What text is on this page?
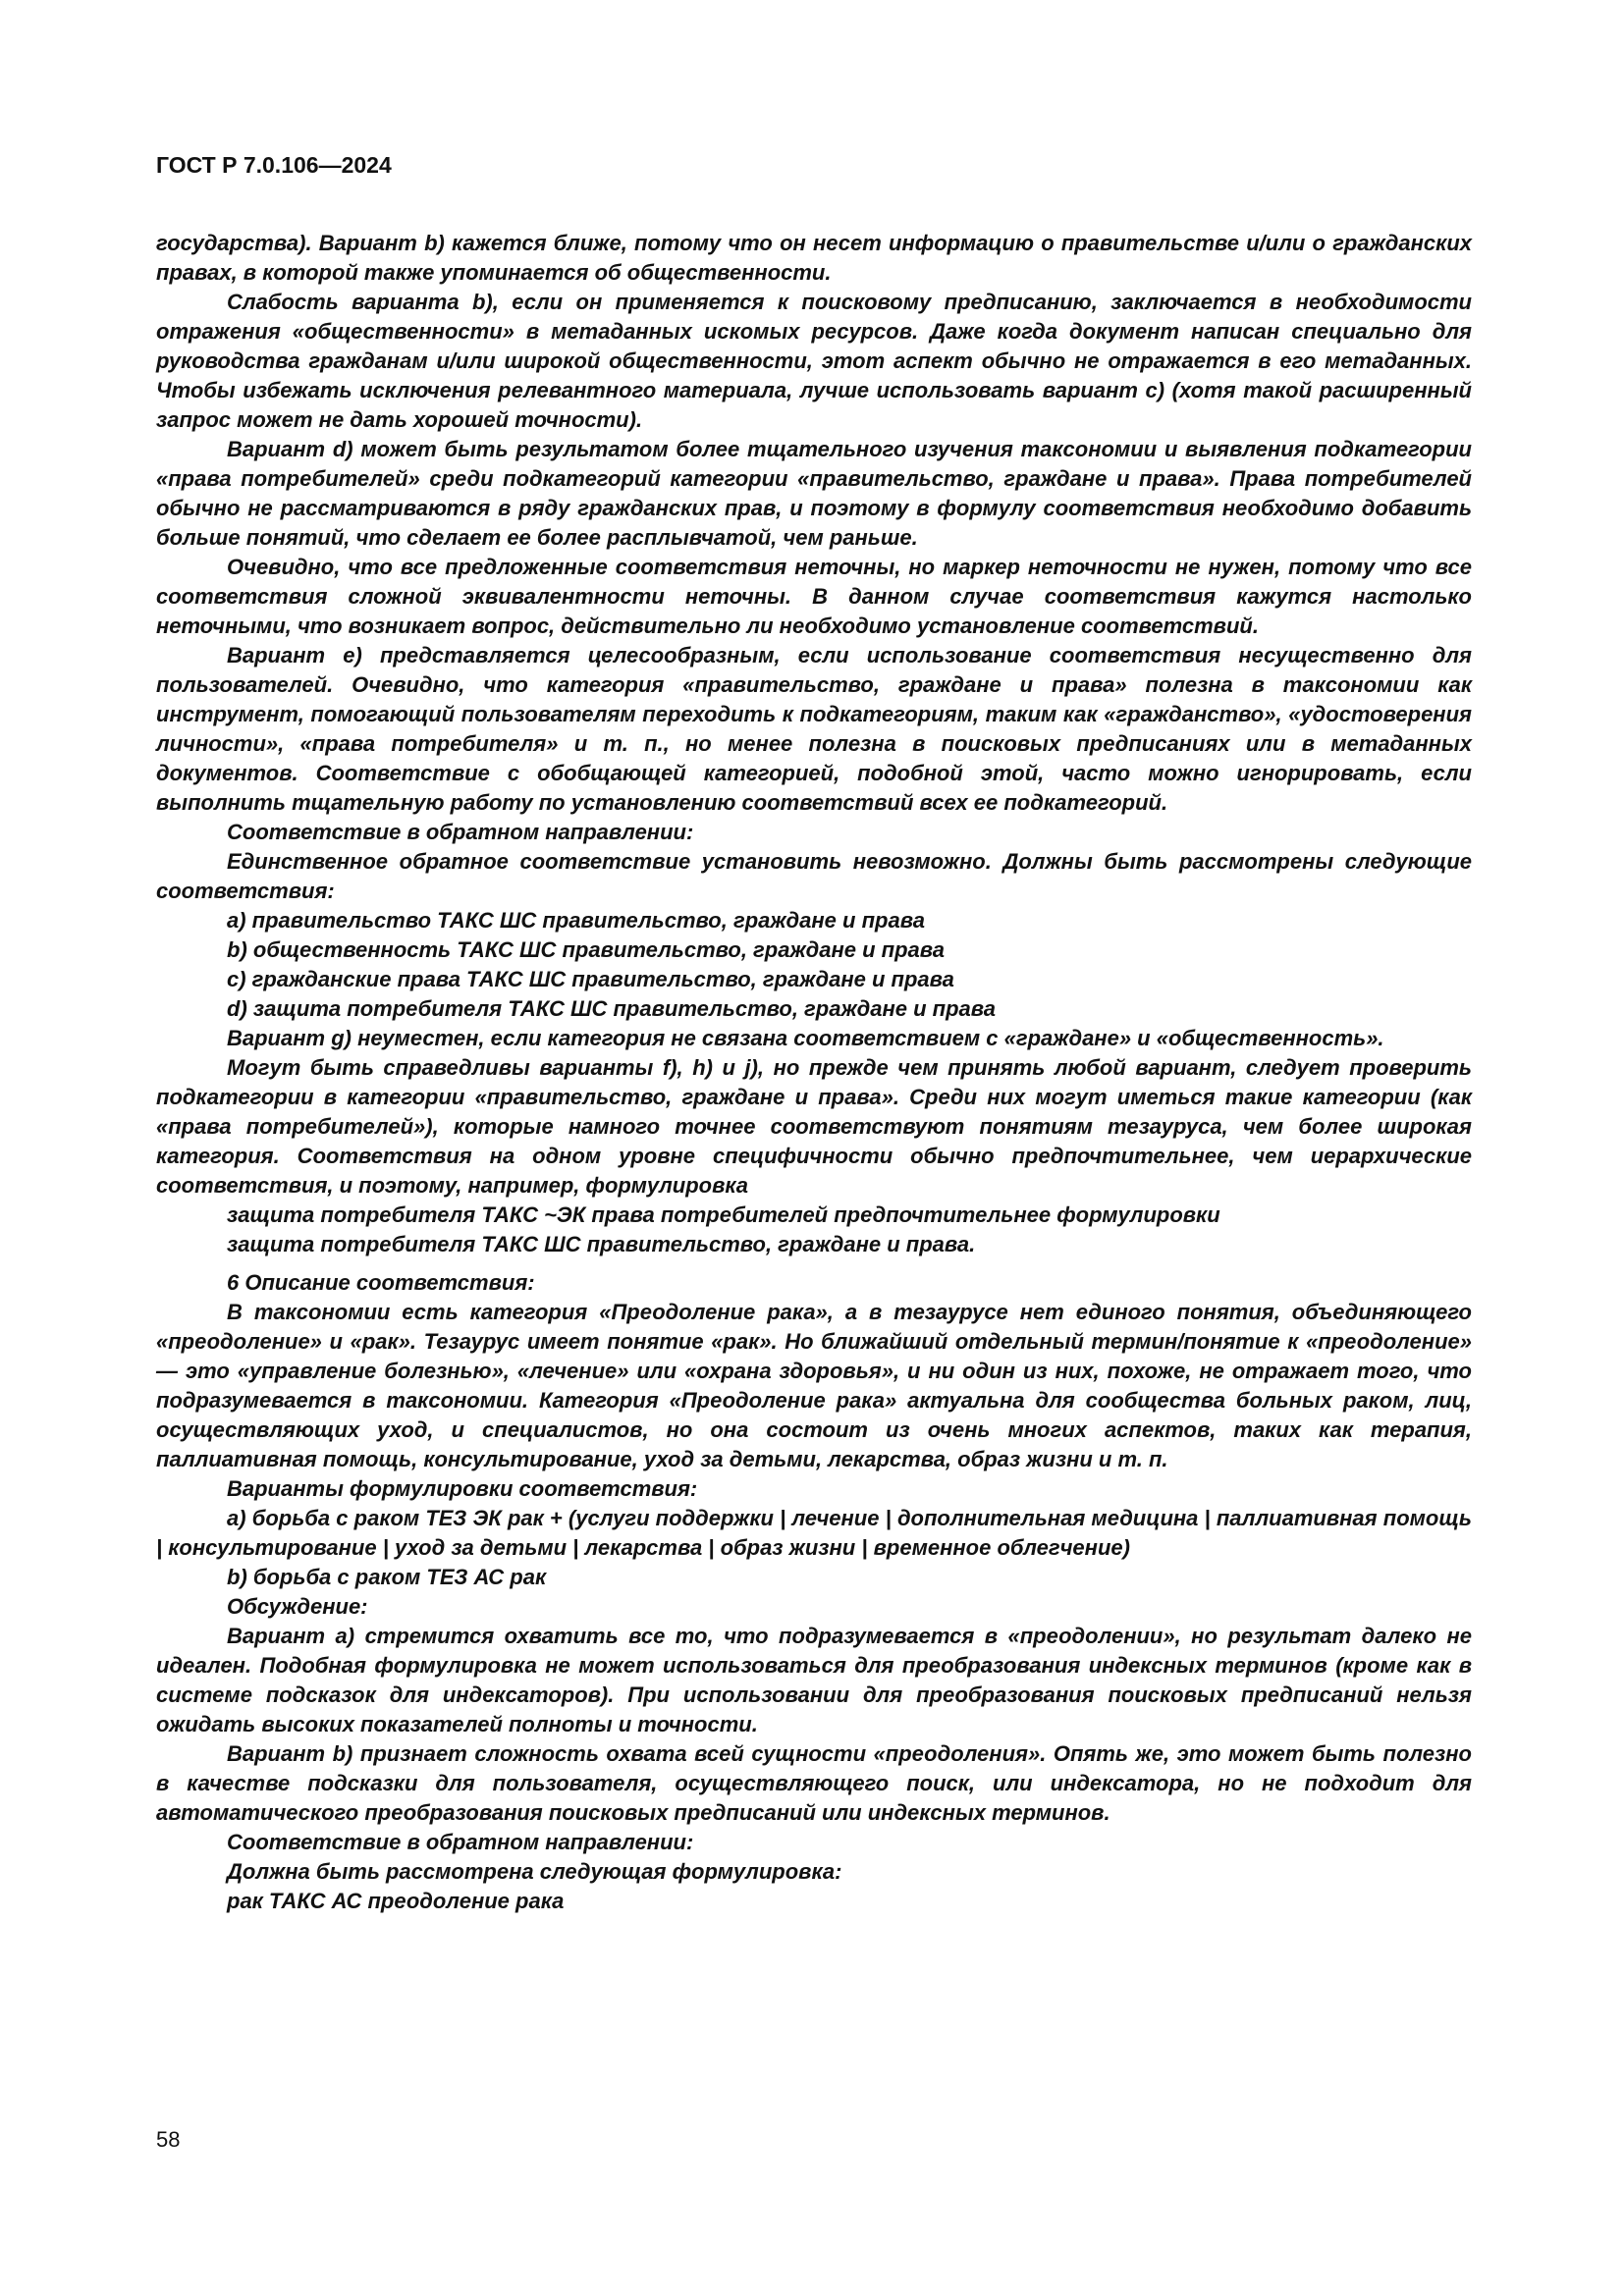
ГОСТ Р 7.0.106—2024

государства). Вариант b) кажется ближе, потому что он несет информацию о правительстве и/или о гражданских правах, в которой также упоминается об общественности.

Слабость варианта b), если он применяется к поисковому предписанию, заключается в необходимости отражения «общественности» в метаданных искомых ресурсов. Даже когда документ написан специально для руководства гражданам и/или широкой общественности, этот аспект обычно не отражается в его метаданных. Чтобы избежать исключения релевантного материала, лучше использовать вариант c) (хотя такой расширенный запрос может не дать хорошей точности).

Вариант d) может быть результатом более тщательного изучения таксономии и выявления подкатегории «права потребителей» среди подкатегорий категории «правительство, граждане и права». Права потребителей обычно не рассматриваются в ряду гражданских прав, и поэтому в формулу соответствия необходимо добавить больше понятий, что сделает ее более расплывчатой, чем раньше.

Очевидно, что все предложенные соответствия неточны, но маркер неточности не нужен, потому что все соответствия сложной эквивалентности неточны. В данном случае соответствия кажутся настолько неточными, что возникает вопрос, действительно ли необходимо установление соответствий.

Вариант e) представляется целесообразным, если использование соответствия несущественно для пользователей. Очевидно, что категория «правительство, граждане и права» полезна в таксономии как инструмент, помогающий пользователям переходить к подкатегориям, таким как «гражданство», «удостоверения личности», «права потребителя» и т. п., но менее полезна в поисковых предписаниях или в метаданных документов. Соответствие с обобщающей категорией, подобной этой, часто можно игнорировать, если выполнить тщательную работу по установлению соответствий всех ее подкатегорий.

Соответствие в обратном направлении:

Единственное обратное соответствие установить невозможно. Должны быть рассмотрены следующие соответствия:

a) правительство ТАКС ШС правительство, граждане и права

b) общественность ТАКС ШС правительство, граждане и права

c) гражданские права ТАКС ШС правительство, граждане и права

d) защита потребителя ТАКС ШС правительство, граждане и права

Вариант g) неуместен, если категория не связана соответствием с «граждане» и «общественность».

Могут быть справедливы варианты f), h) и j), но прежде чем принять любой вариант, следует проверить подкатегории в категории «правительство, граждане и права». Среди них могут иметься такие категории (как «права потребителей»), которые намного точнее соответствуют понятиям тезауруса, чем более широкая категория. Соответствия на одном уровне специфичности обычно предпочтительнее, чем иерархические соответствия, и поэтому, например, формулировка

защита потребителя ТАКС ~ЭК права потребителей предпочтительнее формулировки

защита потребителя ТАКС ШС правительство, граждане и права.

6 Описание соответствия:

В таксономии есть категория «Преодоление рака», а в тезаурусе нет единого понятия, объединяющего «преодоление» и «рак». Тезаурус имеет понятие «рак». Но ближайший отдельный термин/понятие к «преодоление» — это «управление болезнью», «лечение» или «охрана здоровья», и ни один из них, похоже, не отражает того, что подразумевается в таксономии. Категория «Преодоление рака» актуальна для сообщества больных раком, лиц, осуществляющих уход, и специалистов, но она состоит из очень многих аспектов, таких как терапия, паллиативная помощь, консультирование, уход за детьми, лекарства, образ жизни и т. п.

Варианты формулировки соответствия:

a) борьба с раком ТЕЗ ЭК рак + (услуги поддержки | лечение | дополнительная медицина | паллиативная помощь | консультирование | уход за детьми | лекарства | образ жизни | временное облегчение)

b) борьба с раком ТЕЗ АС рак

Обсуждение:

Вариант a) стремится охватить все то, что подразумевается в «преодолении», но результат далеко не идеален. Подобная формулировка не может использоваться для преобразования индексных терминов (кроме как в системе подсказок для индексаторов). При использовании для преобразования поисковых предписаний нельзя ожидать высоких показателей полноты и точности.

Вариант b) признает сложность охвата всей сущности «преодоления». Опять же, это может быть полезно в качестве подсказки для пользователя, осуществляющего поиск, или индексатора, но не подходит для автоматического преобразования поисковых предписаний или индексных терминов.

Соответствие в обратном направлении:

Должна быть рассмотрена следующая формулировка:

рак ТАКС АС преодоление рака

58
